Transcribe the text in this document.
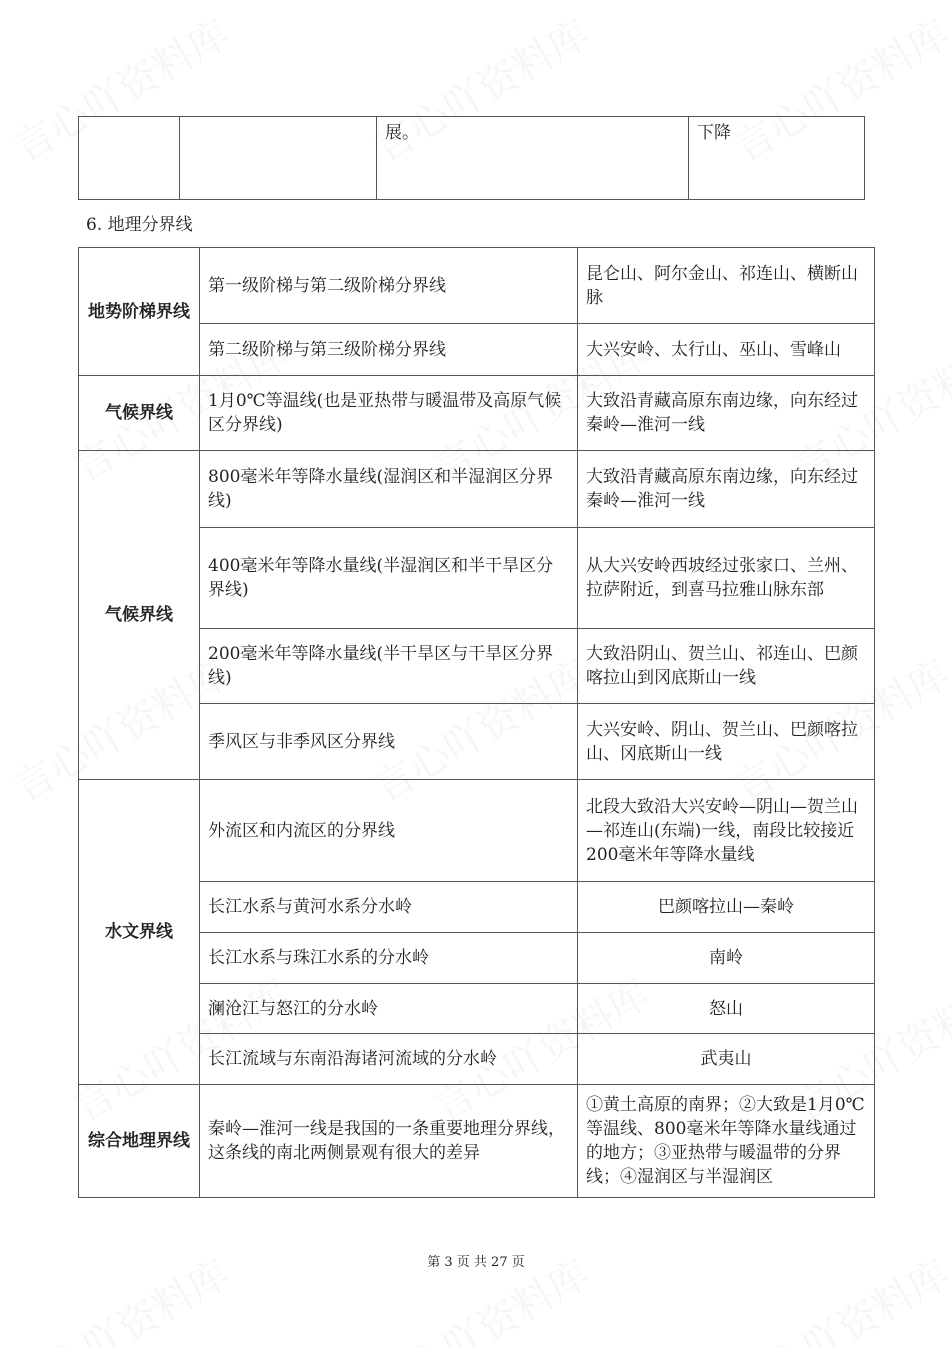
		展。	下降
6. 地理分界线
地势阶梯界线	第一级阶梯与第二级阶梯分界线	昆仑山、阿尔金山、祁连山、横断山脉
	第二级阶梯与第三级阶梯分界线	大兴安岭、太行山、巫山、雪峰山
气候界线	1月0℃等温线(也是亚热带与暖温带及高原气候区分界线)	大致沿青藏高原东南边缘，向东经过秦岭—淮河一线
气候界线	800毫米年等降水量线(湿润区和半湿润区分界线)	大致沿青藏高原东南边缘，向东经过秦岭—淮河一线
	400毫米年等降水量线(半湿润区和半干旱区分界线)	从大兴安岭西坡经过张家口、兰州、拉萨附近，到喜马拉雅山脉东部
	200毫米年等降水量线(半干旱区与干旱区分界线)	大致沿阴山、贺兰山、祁连山、巴颜喀拉山到冈底斯山一线
	季风区与非季风区分界线	大兴安岭、阴山、贺兰山、巴颜喀拉山、冈底斯山一线
水文界线	外流区和内流区的分界线	北段大致沿大兴安岭—阴山—贺兰山—祁连山(东端)一线，南段比较接近200毫米年等降水量线
	长江水系与黄河水系分水岭	巴颜喀拉山—秦岭
	长江水系与珠江水系的分水岭	南岭
	澜沧江与怒江的分水岭	怒山
	长江流域与东南沿海诸河流域的分水岭	武夷山
综合地理界线	秦岭—淮河一线是我国的一条重要地理分界线，这条线的南北两侧景观有很大的差异	①黄土高原的南界；②大致是1月0℃等温线、800毫米年等降水量线通过的地方；③亚热带与暖温带的分界线；④湿润区与半湿润区
第 3 页 共 27 页
